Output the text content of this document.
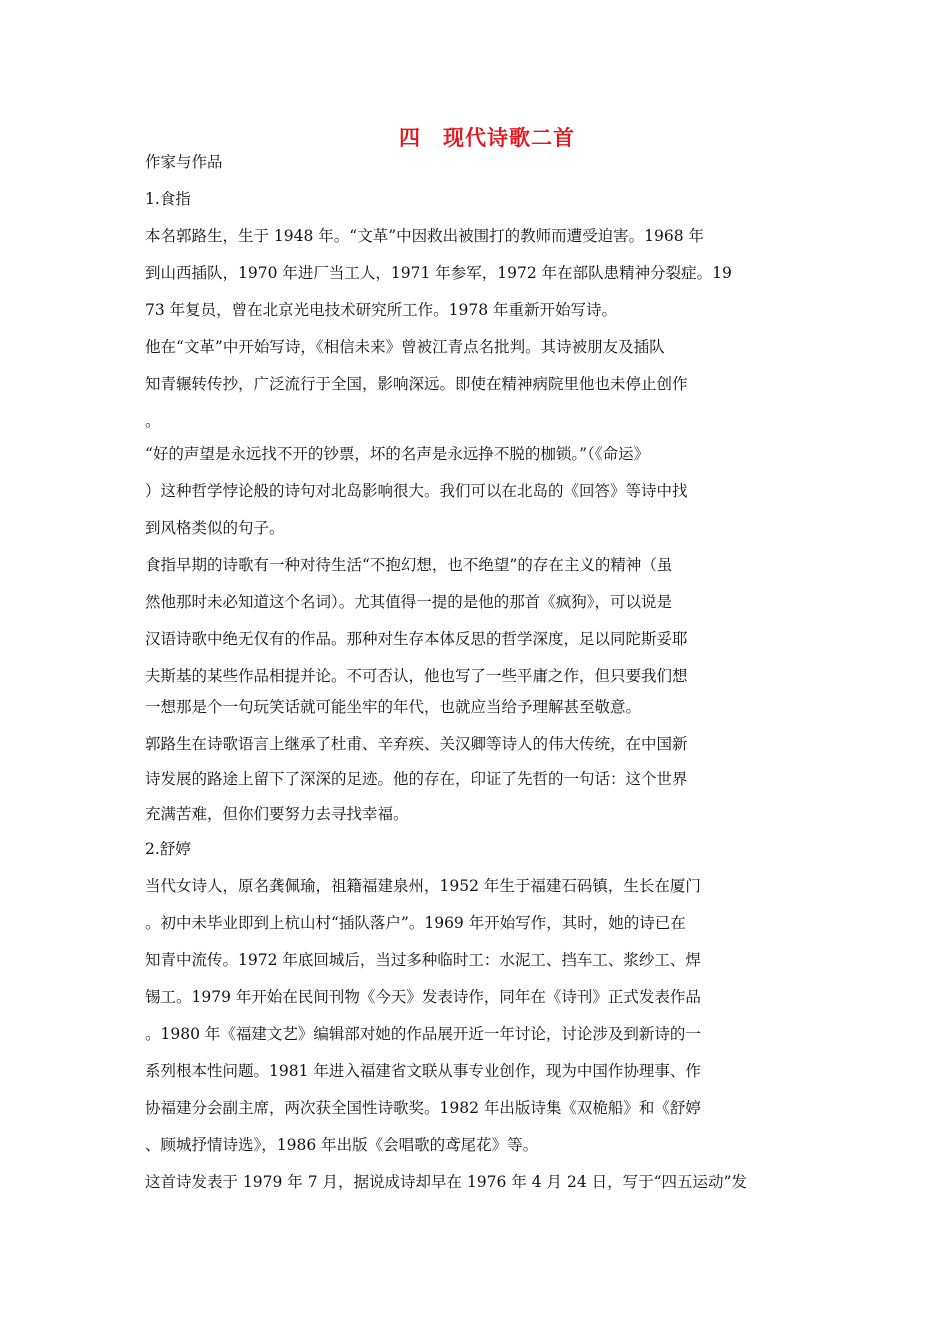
四　现代诗歌二首
作家与作品
1.食指
本名郭路生，生于 1948 年。“文革”中因救出被围打的教师而遭受迫害。1968 年
到山西插队，1970 年进厂当工人，1971 年参军，1972 年在部队患精神分裂症。19
73 年复员，曾在北京光电技术研究所工作。1978 年重新开始写诗。
他在“文革”中开始写诗，《相信未来》曾被江青点名批判。其诗被朋友及插队
知青辗转传抄，广泛流行于全国，影响深远。即使在精神病院里他也未停止创作
。
“好的声望是永远找不开的钞票，坏的名声是永远挣不脱的枷锁。”（《命运》
）这种哲学悖论般的诗句对北岛影响很大。我们可以在北岛的《回答》等诗中找
到风格类似的句子。
食指早期的诗歌有一种对待生活“不抱幻想，也不绝望”的存在主义的精神（虽
然他那时未必知道这个名词）。尤其值得一提的是他的那首《疯狗》，可以说是
汉语诗歌中绝无仅有的作品。那种对生存本体反思的哲学深度，足以同陀斯妥耶
夫斯基的某些作品相提并论。不可否认，他也写了一些平庸之作，但只要我们想
一想那是个一句玩笑话就可能坐牢的年代，也就应当给予理解甚至敬意。
郭路生在诗歌语言上继承了杜甫、辛弃疾、关汉卿等诗人的伟大传统，在中国新
诗发展的路途上留下了深深的足迹。他的存在，印证了先哲的一句话：这个世界
充满苦难，但你们要努力去寻找幸福。
2.舒婷
当代女诗人，原名龚佩瑜，祖籍福建泉州，1952 年生于福建石码镇，生长在厦门
。初中未毕业即到上杭山村“插队落户”。1969 年开始写作，其时，她的诗已在
知青中流传。1972 年底回城后，当过多种临时工：水泥工、挡车工、浆纱工、焊
锡工。1979 年开始在民间刊物《今天》发表诗作，同年在《诗刊》正式发表作品
。1980 年《福建文艺》编辑部对她的作品展开近一年讨论，讨论涉及到新诗的一
系列根本性问题。1981 年进入福建省文联从事专业创作，现为中国作协理事、作
协福建分会副主席，两次获全国性诗歌奖。1982 年出版诗集《双桅船》和《舒婷
、顾城抒情诗选》，1986 年出版《会唱歌的鸢尾花》等。
这首诗发表于 1979 年 7 月，据说成诗却早在 1976 年 4 月 24 日，写于“四五运动”发
